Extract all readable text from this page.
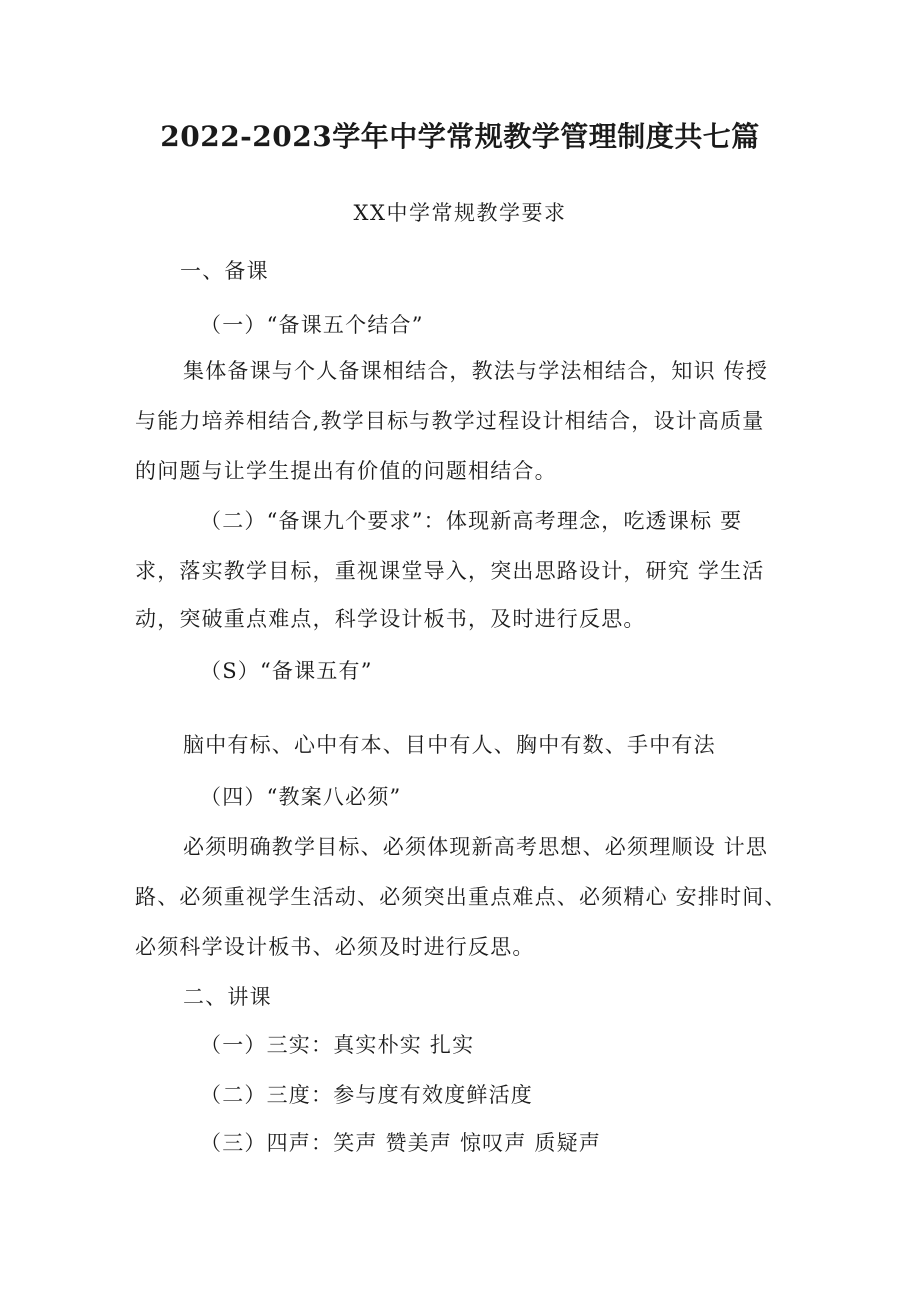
2022-2023学年中学常规教学管理制度共七篇
XX中学常规教学要求
一、备课
（一）“备课五个结合”
集体备课与个人备课相结合，教法与学法相结合，知识 传授
与能力培养相结合,教学目标与教学过程设计相结合，设计高质量
的问题与让学生提出有价值的问题相结合。
（二）“备课九个要求”：体现新高考理念，吃透课标 要
求，落实教学目标，重视课堂导入，突出思路设计，研究 学生活
动，突破重点难点，科学设计板书，及时进行反思。
（S）“备课五有”
脑中有标、心中有本、目中有人、胸中有数、手中有法
（四）“教案八必须”
必须明确教学目标、必须体现新高考思想、必须理顺设 计思
路、必须重视学生活动、必须突出重点难点、必须精心 安排时间、
必须科学设计板书、必须及时进行反思。
二、讲课
（一）三实：真实朴实 扎实
（二）三度：参与度有效度鲜活度
（三）四声：笑声 赞美声 惊叹声 质疑声
